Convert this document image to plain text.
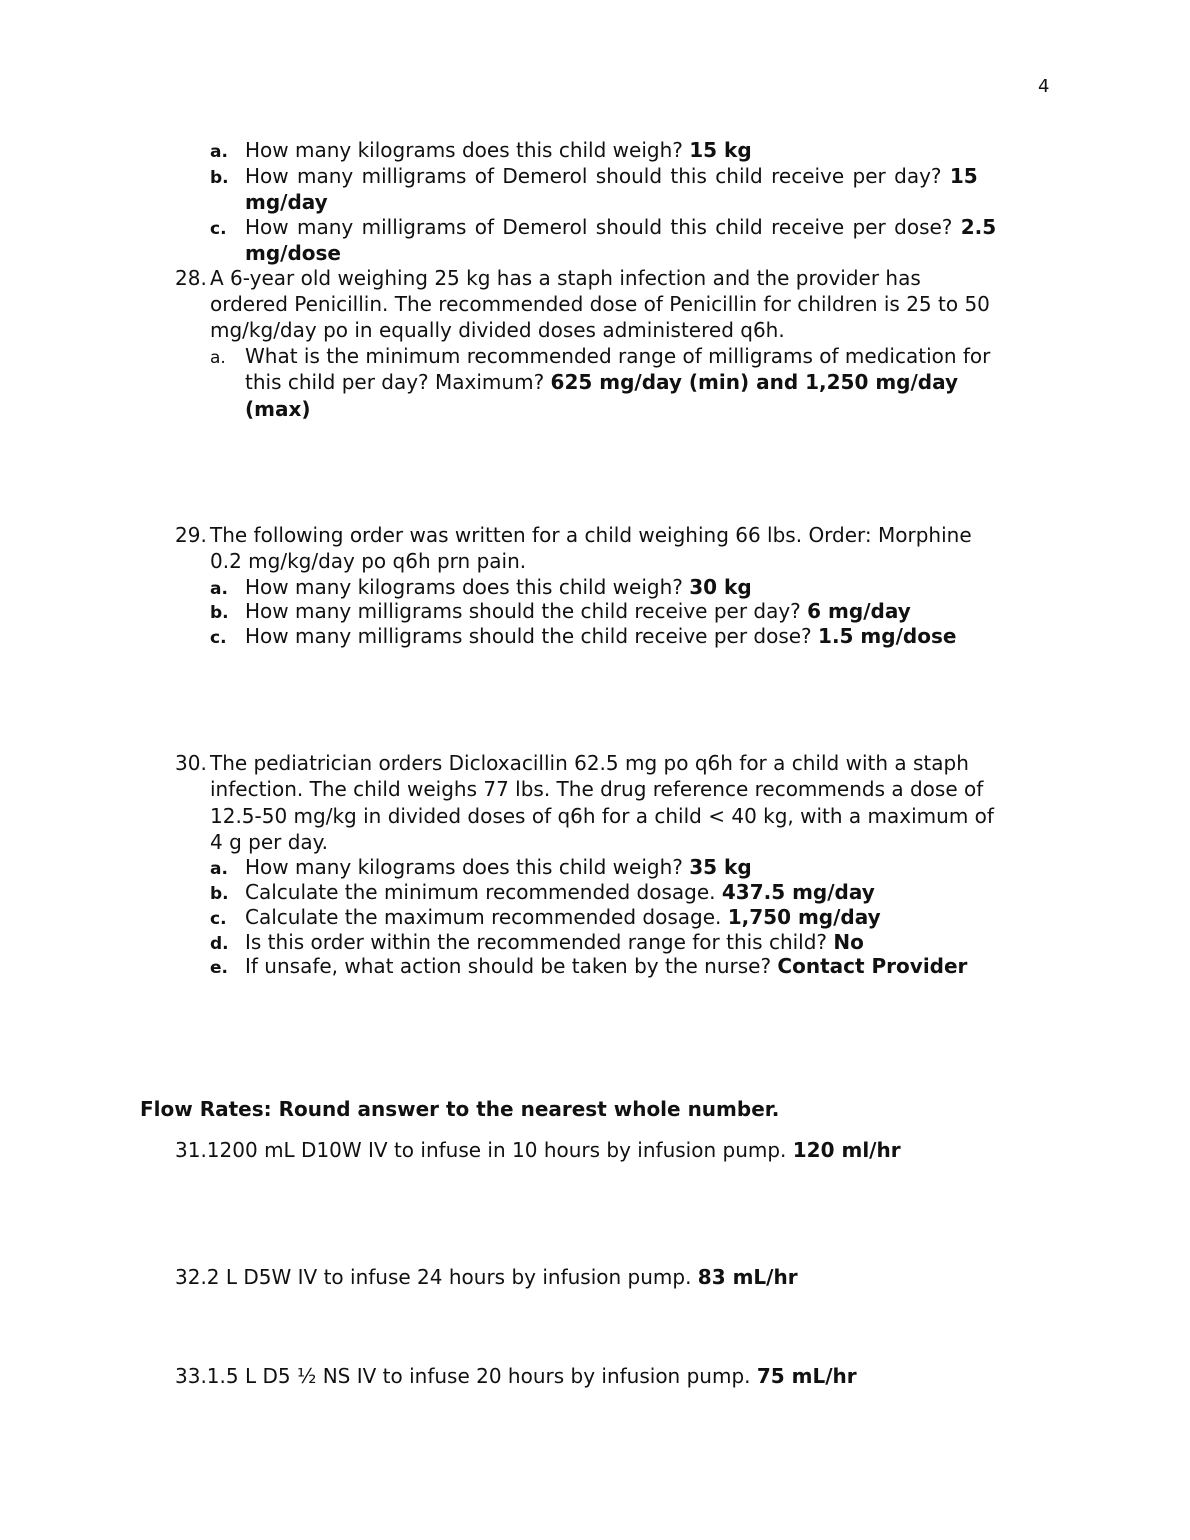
4
a. How many kilograms does this child weigh? 15 kg
b. How many milligrams of Demerol should this child receive per day? 15
mg/day
c. How many milligrams of Demerol should this child receive per dose? 2.5
mg/dose
28. A 6-year old weighing 25 kg has a staph infection and the provider has
ordered Penicillin. The recommended dose of Penicillin for children is 25 to 50
mg/kg/day po in equally divided doses administered q6h.
a. What is the minimum recommended range of milligrams of medication for
this child per day? Maximum? 625 mg/day (min) and 1,250 mg/day
(max)
29. The following order was written for a child weighing 66 lbs. Order: Morphine
0.2 mg/kg/day po q6h prn pain.
a. How many kilograms does this child weigh? 30 kg
b. How many milligrams should the child receive per day? 6 mg/day
c. How many milligrams should the child receive per dose? 1.5 mg/dose
30. The pediatrician orders Dicloxacillin 62.5 mg po q6h for a child with a staph
infection. The child weighs 77 lbs. The drug reference recommends a dose of
12.5-50 mg/kg in divided doses of q6h for a child < 40 kg, with a maximum of
4 g per day.
a. How many kilograms does this child weigh? 35 kg
b. Calculate the minimum recommended dosage. 437.5 mg/day
c. Calculate the maximum recommended dosage. 1,750 mg/day
d. Is this order within the recommended range for this child? No
e. If unsafe, what action should be taken by the nurse? Contact Provider
Flow Rates: Round answer to the nearest whole number.
31.1200 mL D10W IV to infuse in 10 hours by infusion pump. 120 ml/hr
32.2 L D5W IV to infuse 24 hours by infusion pump. 83 mL/hr
33.1.5 L D5 ½ NS IV to infuse 20 hours by infusion pump. 75 mL/hr
